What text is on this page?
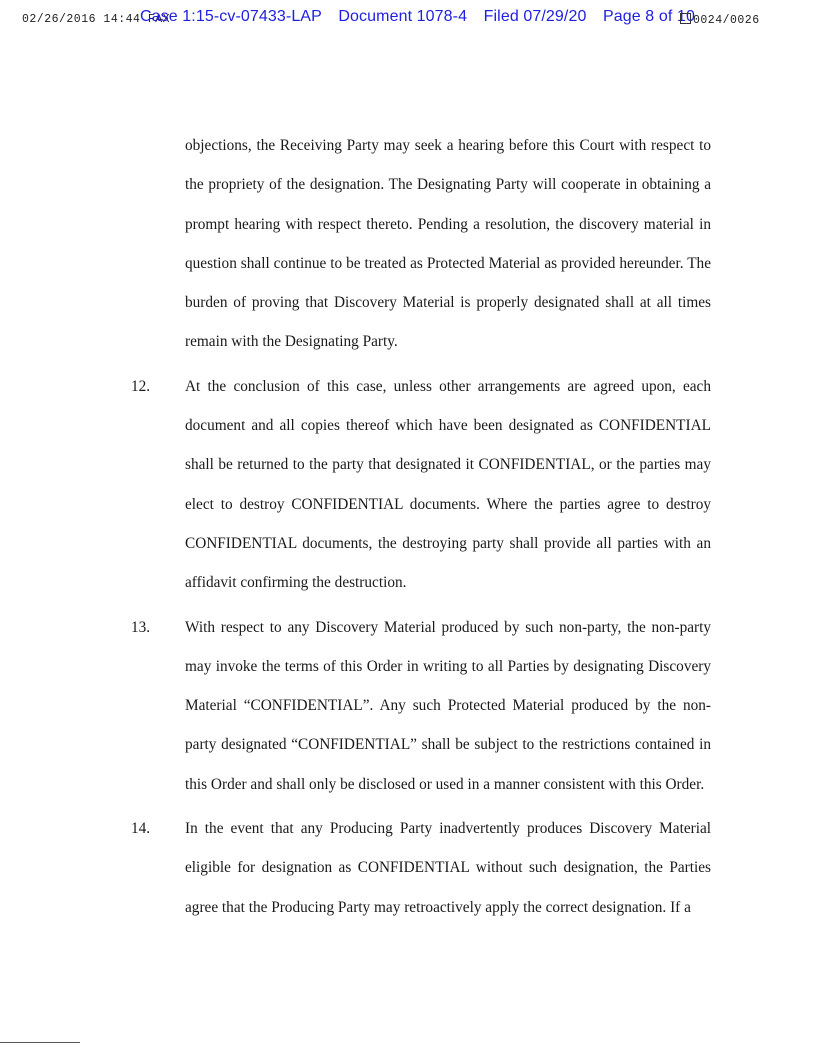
02/26/2016 14:44 FAX
Case 1:15-cv-07433-LAP Document 1078-4 Filed 07/29/20 Page 8 of 10
0024/0026
objections, the Receiving Party may seek a hearing before this Court with respect to the propriety of the designation. The Designating Party will cooperate in obtaining a prompt hearing with respect thereto. Pending a resolution, the discovery material in question shall continue to be treated as Protected Material as provided hereunder. The burden of proving that Discovery Material is properly designated shall at all times remain with the Designating Party.
12. At the conclusion of this case, unless other arrangements are agreed upon, each document and all copies thereof which have been designated as CONFIDENTIAL shall be returned to the party that designated it CONFIDENTIAL, or the parties may elect to destroy CONFIDENTIAL documents. Where the parties agree to destroy CONFIDENTIAL documents, the destroying party shall provide all parties with an affidavit confirming the destruction.
13. With respect to any Discovery Material produced by such non-party, the non-party may invoke the terms of this Order in writing to all Parties by designating Discovery Material “CONFIDENTIAL”. Any such Protected Material produced by the non-party designated “CONFIDENTIAL” shall be subject to the restrictions contained in this Order and shall only be disclosed or used in a manner consistent with this Order.
14. In the event that any Producing Party inadvertently produces Discovery Material eligible for designation as CONFIDENTIAL without such designation, the Parties agree that the Producing Party may retroactively apply the correct designation. If a
